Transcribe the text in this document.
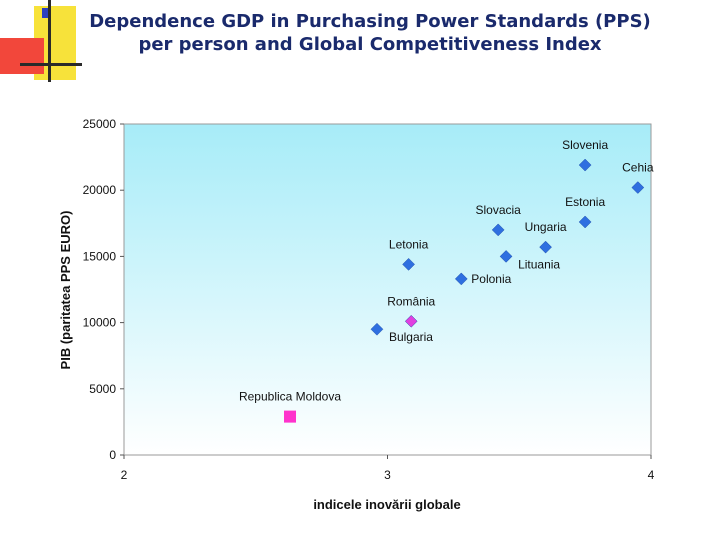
Dependence GDP in Purchasing Power Standards (PPS)
per person and Global Competitiveness Index
0
5000
10000
15000
20000
25000
2	3	4
Slovenia
Cehia
Estonia
Slovacia
Ungaria
Lituania
Letonia
Polonia
România
Bulgaria
Republica Moldova
indicele inovării globale
PIB (paritatea PPS EURO)
